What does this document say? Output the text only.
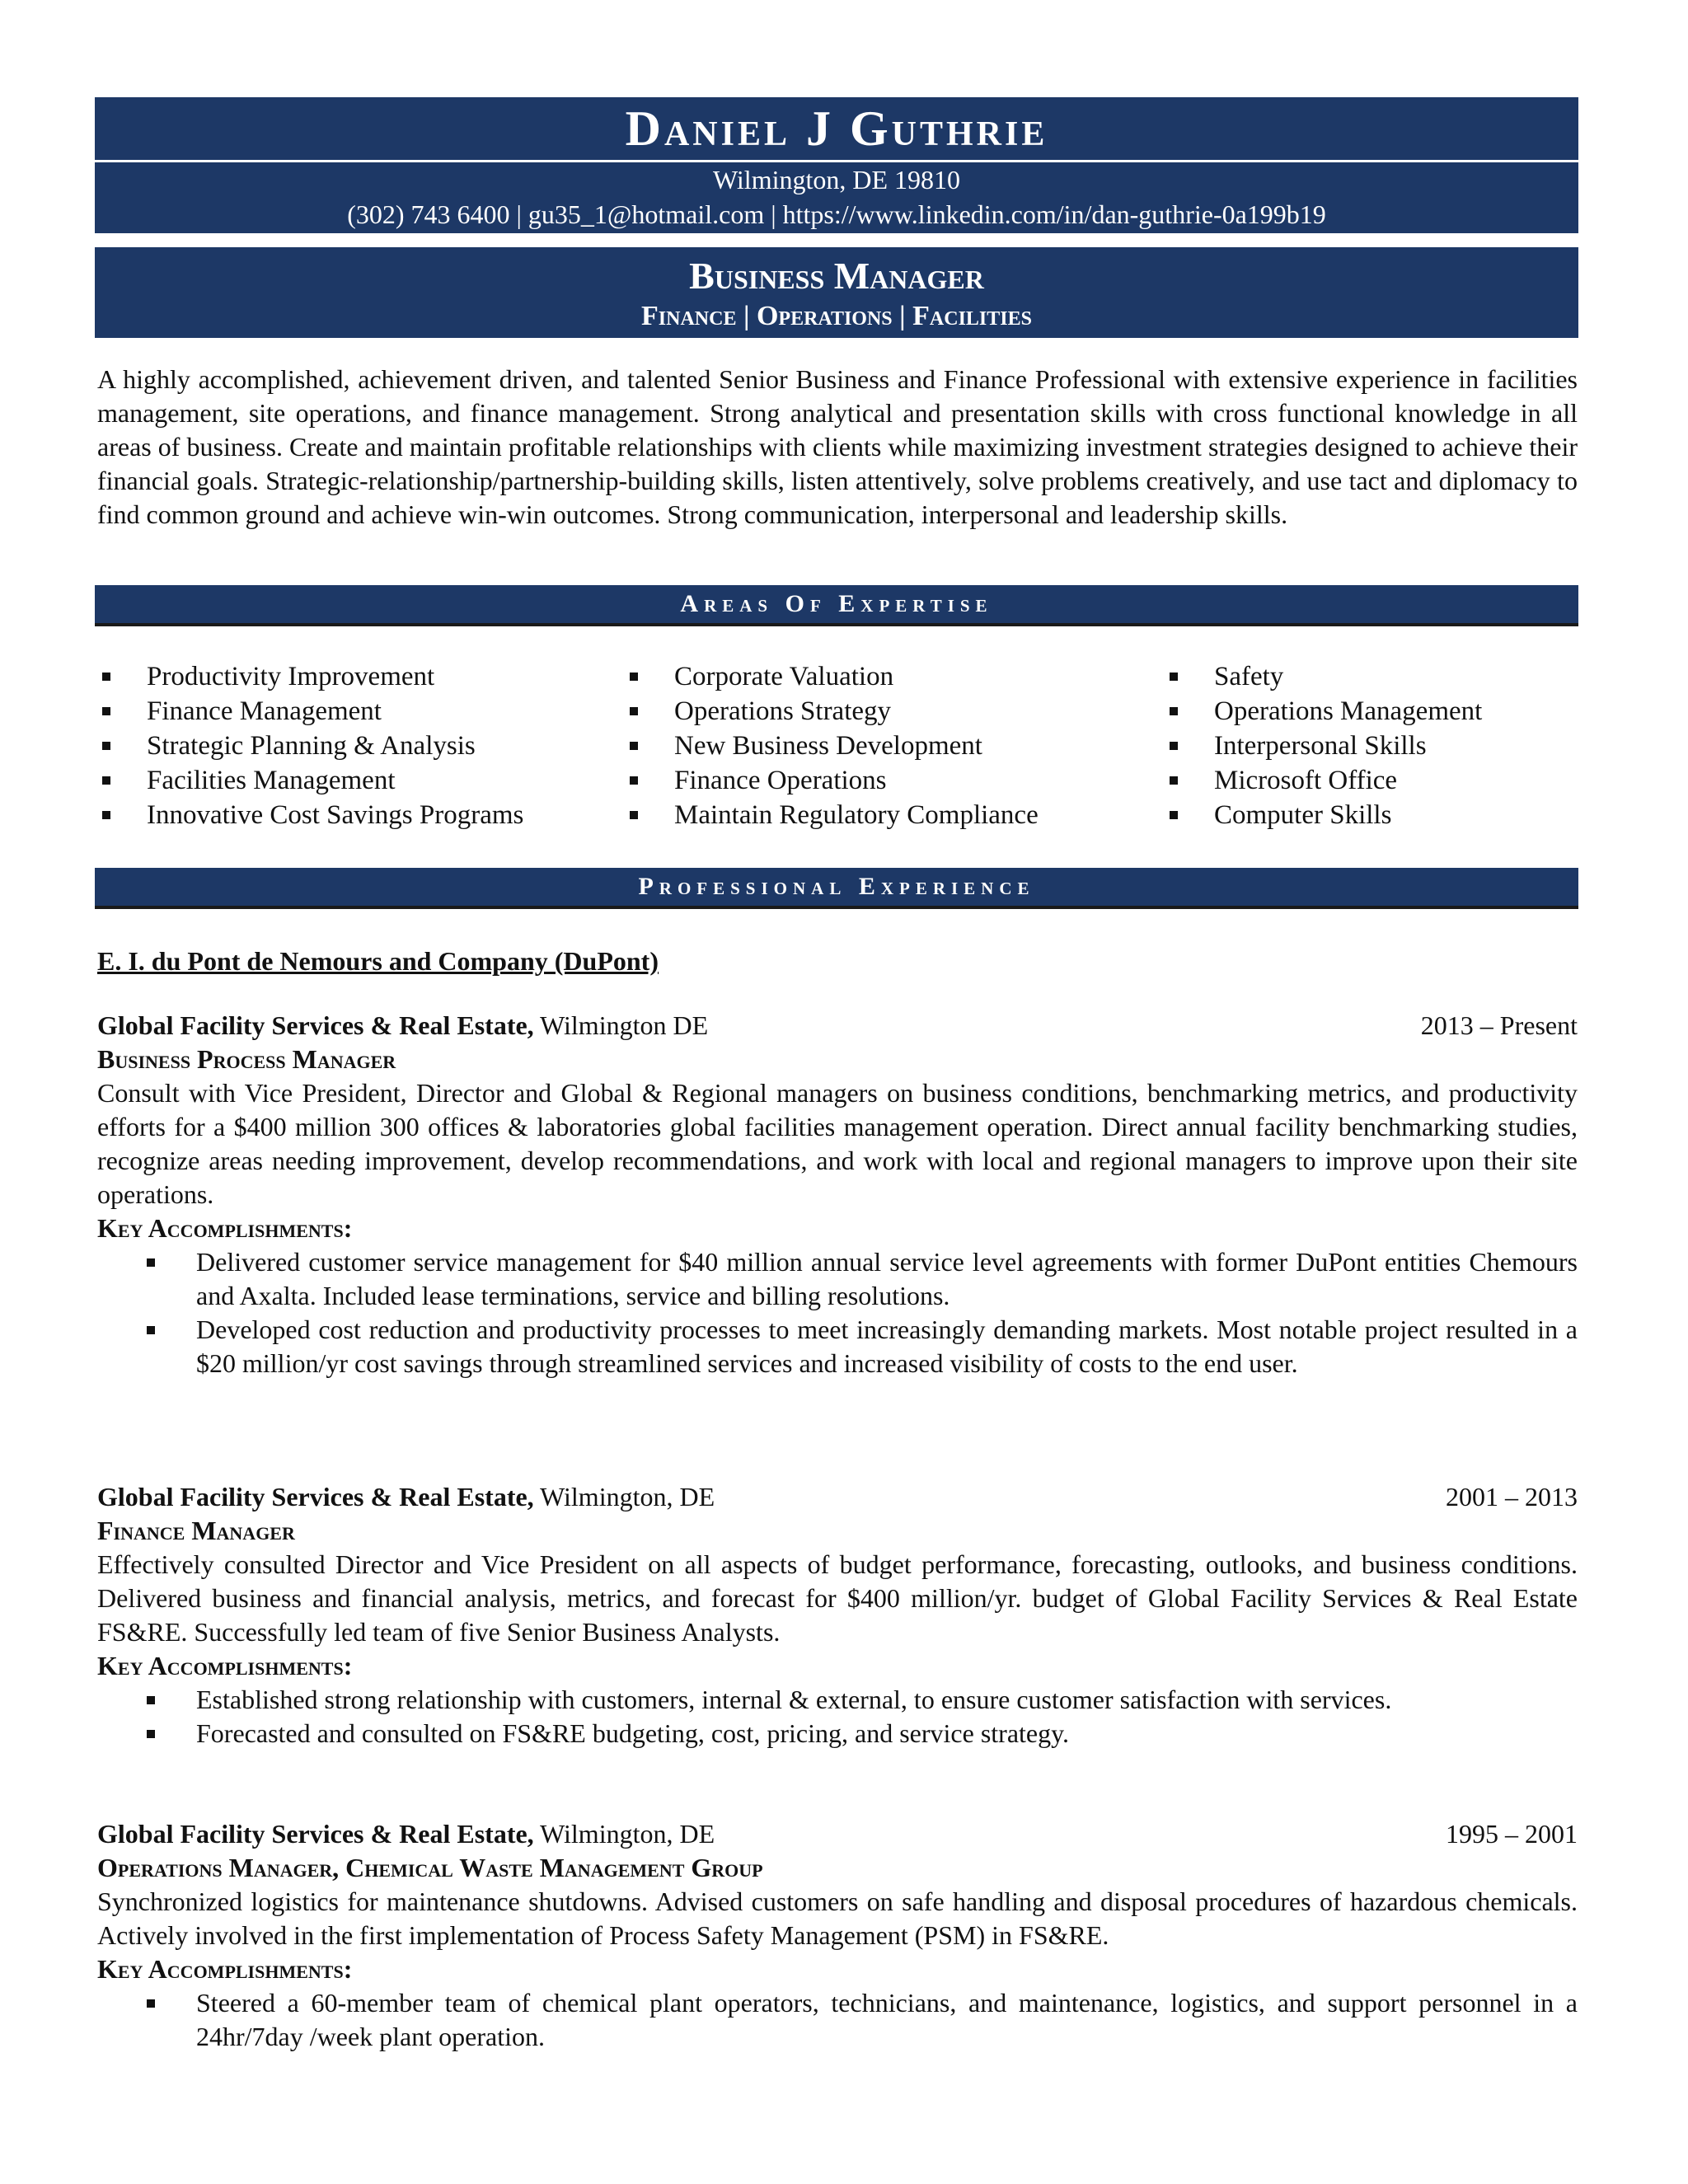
Daniel J Guthrie
Wilmington, DE 19810
(302) 743 6400 | gu35_1@hotmail.com | https://www.linkedin.com/in/dan-guthrie-0a199b19
Business Manager
Finance | Operations | Facilities

A highly accomplished, achievement driven, and talented Senior Business and Finance Professional with extensive experience in facilities management, site operations, and finance management. Strong analytical and presentation skills with cross functional knowledge in all areas of business. Create and maintain profitable relationships with clients while maximizing investment strategies designed to achieve their financial goals. Strategic-relationship/partnership-building skills, listen attentively, solve problems creatively, and use tact and diplomacy to find common ground and achieve win-win outcomes. Strong communication, interpersonal and leadership skills.

Areas Of Expertise
Productivity Improvement
Finance Management
Strategic Planning & Analysis
Facilities Management
Innovative Cost Savings Programs
Corporate Valuation
Operations Strategy
New Business Development
Finance Operations
Maintain Regulatory Compliance
Safety
Operations Management
Interpersonal Skills
Microsoft Office
Computer Skills
Professional Experience
E. I. du Pont de Nemours and Company (DuPont)
Global Facility Services & Real Estate, Wilmington DE	2013 – Present
Business Process Manager

Consult with Vice President, Director and Global & Regional managers on business conditions, benchmarking metrics, and productivity efforts for a $400 million 300 offices & laboratories global facilities management operation. Direct annual facility benchmarking studies, recognize areas needing improvement, develop recommendations, and work with local and regional managers to improve upon their site operations.

Key Accomplishments:
Delivered customer service management for $40 million annual service level agreements with former DuPont entities Chemours and Axalta. Included lease terminations, service and billing resolutions.
Developed cost reduction and productivity processes to meet increasingly demanding markets. Most notable project resulted in a $20 million/yr cost savings through streamlined services and increased visibility of costs to the end user.
Global Facility Services & Real Estate, Wilmington, DE	2001 – 2013
Finance Manager

Effectively consulted Director and Vice President on all aspects of budget performance, forecasting, outlooks, and business conditions. Delivered business and financial analysis, metrics, and forecast for $400 million/yr. budget of Global Facility Services & Real Estate FS&RE. Successfully led team of five Senior Business Analysts.

Key Accomplishments:
Established strong relationship with customers, internal & external, to ensure customer satisfaction with services.
Forecasted and consulted on FS&RE budgeting, cost, pricing, and service strategy.
Global Facility Services & Real Estate, Wilmington, DE	1995 – 2001
Operations Manager, Chemical Waste Management Group

Synchronized logistics for maintenance shutdowns. Advised customers on safe handling and disposal procedures of hazardous chemicals. Actively involved in the first implementation of Process Safety Management (PSM) in FS&RE.

Key Accomplishments:
Steered a 60-member team of chemical plant operators, technicians, and maintenance, logistics, and support personnel in a 24hr/7day /week plant operation.
